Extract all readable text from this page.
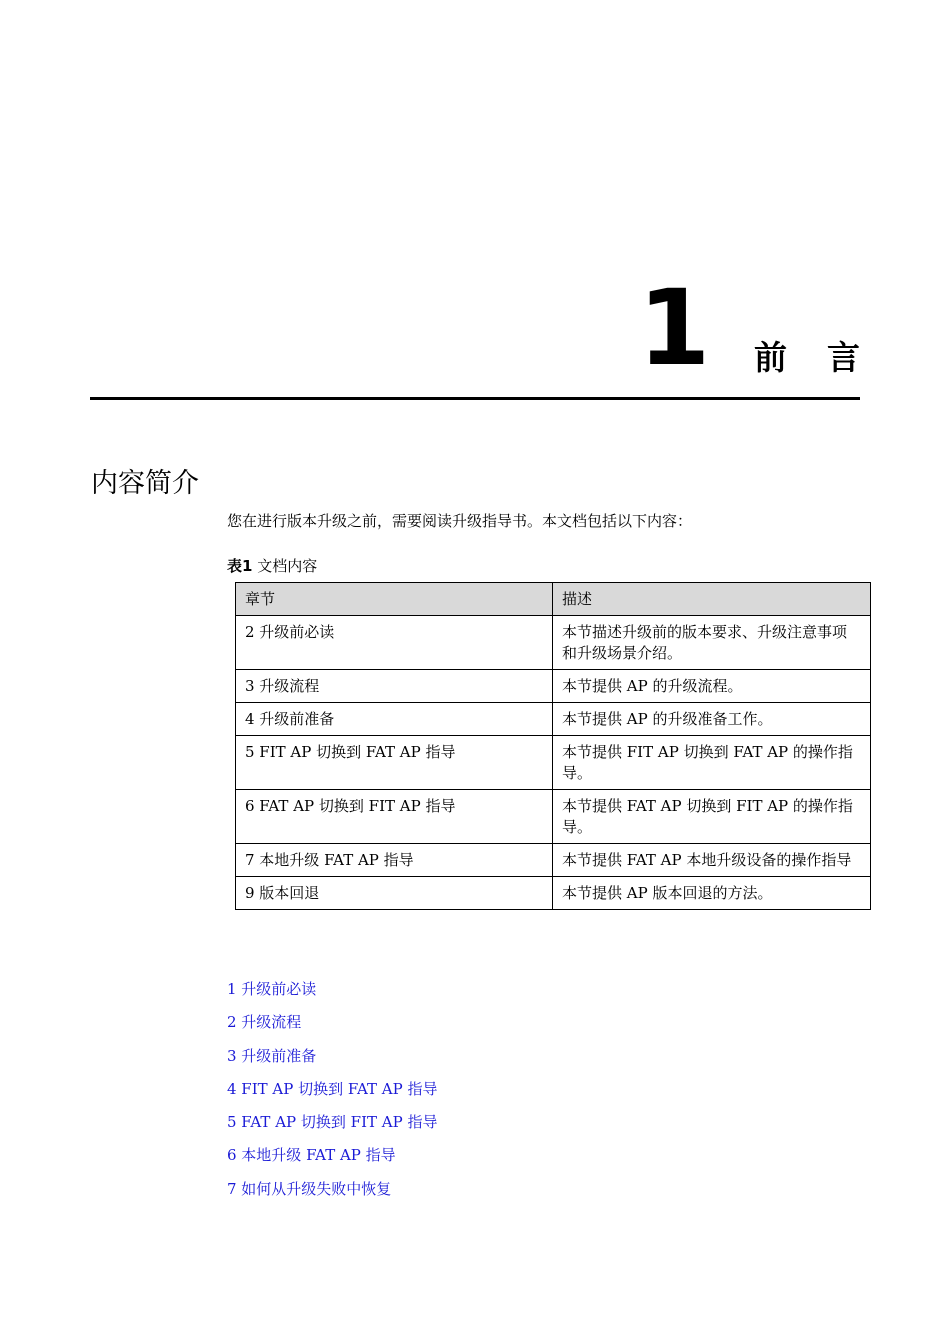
1 前言
内容简介

您在进行版本升级之前，需要阅读升级指导书。本文档包括以下内容：

表1 文档内容
章节	描述
2 升级前必读	本节描述升级前的版本要求、升级注意事项和升级场景介绍。
3 升级流程	本节提供 AP 的升级流程。
4 升级前准备	本节提供 AP 的升级准备工作。
5 FIT AP 切换到 FAT AP 指导	本节提供 FIT AP 切换到 FAT AP 的操作指导。
6 FAT AP 切换到 FIT AP 指导	本节提供 FAT AP 切换到 FIT AP 的操作指导。
7 本地升级 FAT AP 指导	本节提供 FAT AP 本地升级设备的操作指导
9 版本回退	本节提供 AP 版本回退的方法。
1 升级前必读
2 升级流程
3 升级前准备
4 FIT AP 切换到 FAT AP 指导
5 FAT AP 切换到 FIT AP 指导
6 本地升级 FAT AP 指导
7 如何从升级失败中恢复
